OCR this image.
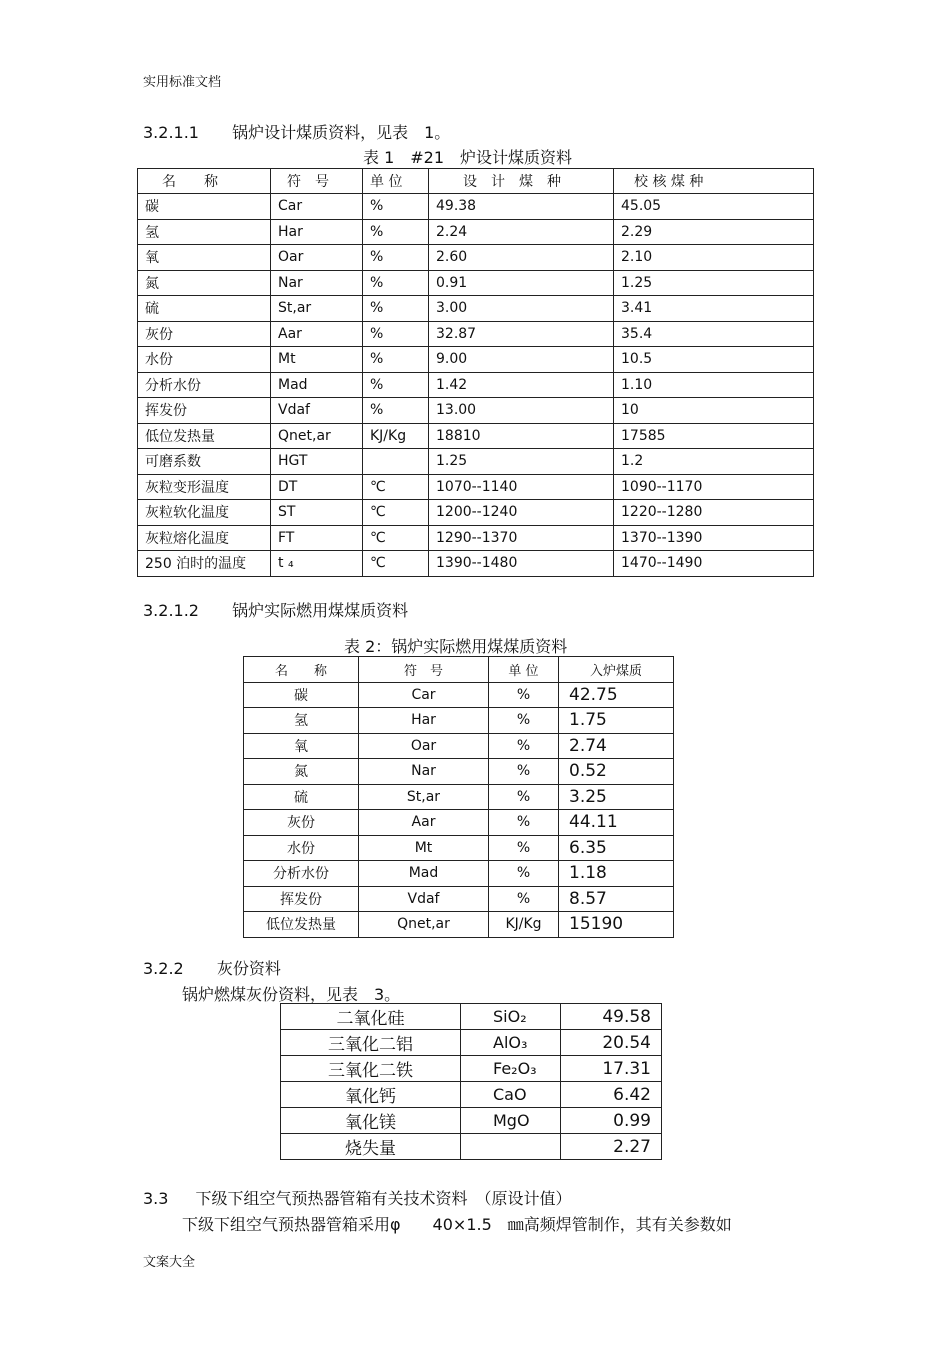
实用标准文档
3.2.1.1 锅炉设计煤质资料，见表　1。
表 1　#21　炉设计煤质资料
名　　称	符　号	单 位	设　计　煤　种	校 核 煤 种
碳	Car	%	49.38	45.05
氢	Har	%	2.24	2.29
氧	Oar	%	2.60	2.10
氮	Nar	%	0.91	1.25
硫	St,ar	%	3.00	3.41
灰份	Aar	%	32.87	35.4
水份	Mt	%	9.00	10.5
分析水份	Mad	%	1.42	1.10
挥发份	Vdaf	%	13.00	10
低位发热量	Qnet,ar	KJ/Kg	18810	17585
可磨系数	HGT		1.25	1.2
灰粒变形温度	DT	℃	1070--1140	1090--1170
灰粒软化温度	ST	℃	1200--1240	1220--1280
灰粒熔化温度	FT	℃	1290--1370	1370--1390
250 泊时的温度	t ₄	℃	1390--1480	1470--1490
3.2.1.2 锅炉实际燃用煤煤质资料
表 2：锅炉实际燃用煤煤质资料
名　　称	符　号	单 位	入炉煤质
碳	Car	%	42.75
氢	Har	%	1.75
氧	Oar	%	2.74
氮	Nar	%	0.52
硫	St,ar	%	3.25
灰份	Aar	%	44.11
水份	Mt	%	6.35
分析水份	Mad	%	1.18
挥发份	Vdaf	%	8.57
低位发热量	Qnet,ar	KJ/Kg	15190
3.2.2 灰份资料
锅炉燃煤灰份资料，见表　3。
二氧化硅	SiO₂	49.58
三氧化二铝	AlO₃	20.54
三氧化二铁	Fe₂O₃	17.31
氧化钙	CaO	6.42
氧化镁	MgO	0.99
烧失量		2.27
3.3 下级下组空气预热器管箱有关技术资料　（原设计值）
下级下组空气预热器管箱采用φ　　40×1.5　㎜高频焊管制作，其有关参数如
文案大全
